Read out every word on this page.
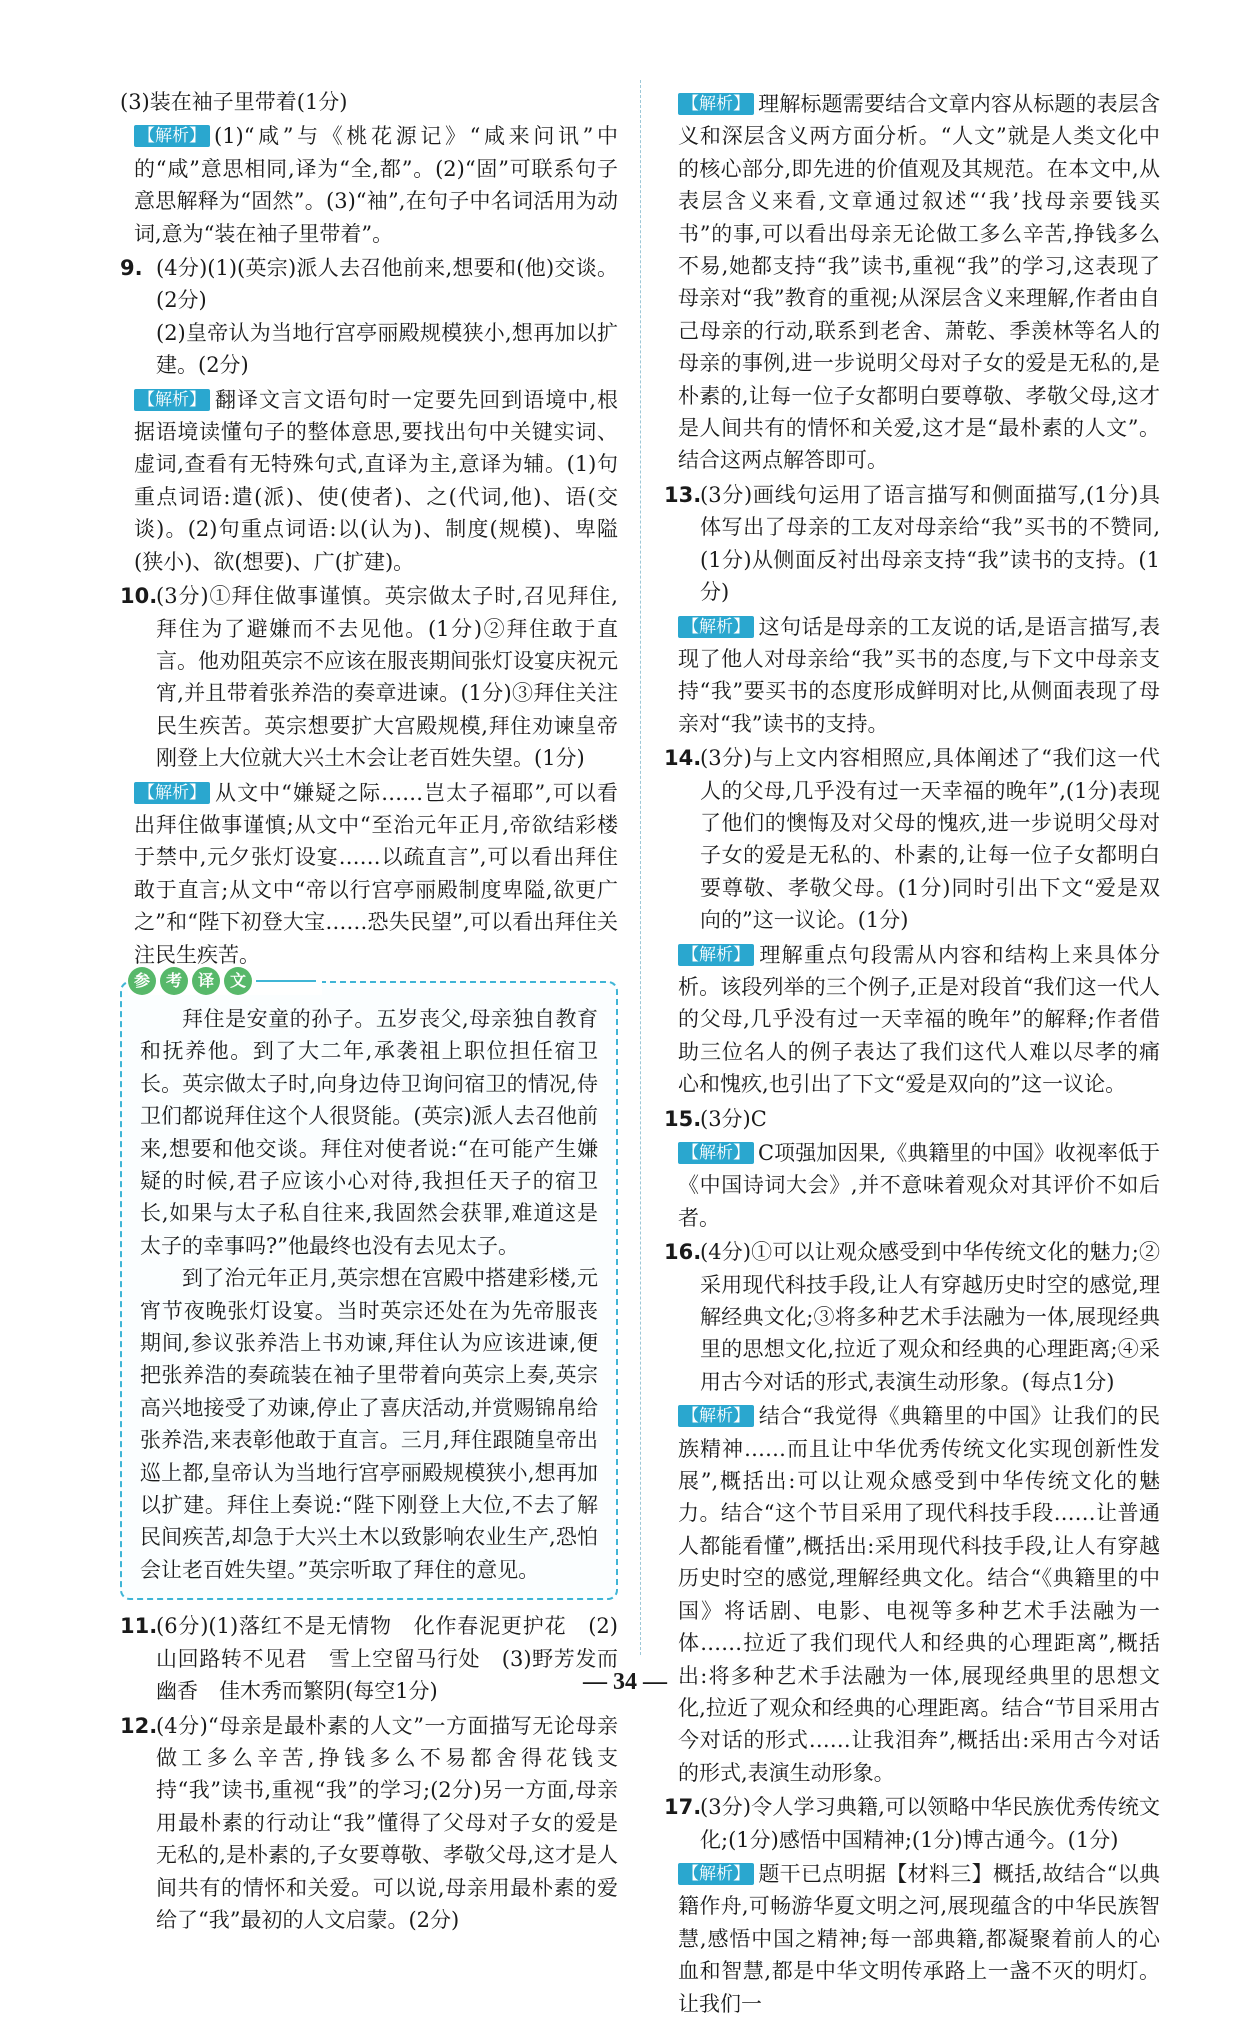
(3)装在袖子里带着(1分)

【 解析 】 (1)“咸”与《桃花源记》“咸来问讯”中的“咸”意思相同,译为“全,都”。(2)“固”可联系句子意思解释为“固然”。(3)“袖”,在句子中名词活用为动词,意为“装在袖子里带着”。

9. (4分)(1)(英宗)派人去召他前来,想要和(他)交谈。(2分)

(2)皇帝认为当地行宫亭丽殿规模狭小,想再加以扩建。(2分)

【 解析 】 翻译文言文语句时一定要先回到语境中,根据语境读懂句子的整体意思,要找出句中关键实词、虚词,查看有无特殊句式,直译为主,意译为辅。(1)句重点词语:遣(派)、使(使者)、之(代词,他)、语(交谈)。(2)句重点词语:以(认为)、制度(规模)、卑隘(狭小)、欲(想要)、广(扩建)。

10.

(3分)①拜住做事谨慎。英宗做太子时,召见拜住,拜住为了避嫌而不去见他。(1分)②拜住敢于直言。他劝阻英宗不应该在服丧期间张灯设宴庆祝元宵,并且带着张养浩的奏章进谏。(1分)③拜住关注民生疾苦。英宗想要扩大宫殿规模,拜住劝谏皇帝刚登上大位就大兴土木会让老百姓失望。(1分)

【 解析 】 从文中“嫌疑之际……岂太子福耶”,可以看出拜住做事谨慎;从文中“至治元年正月,帝欲结彩楼于禁中,元夕张灯设宴……以疏直言”,可以看出拜住敢于直言;从文中“帝以行宫亭丽殿制度卑隘,欲更广之”和“陛下初登大宝……恐失民望”,可以看出拜住关注民生疾苦。

参 考 译 文

拜住是安童的孙子。五岁丧父,母亲独自教育和抚养他。到了大二年,承袭祖上职位担任宿卫长。英宗做太子时,向身边侍卫询问宿卫的情况,侍卫们都说拜住这个人很贤能。(英宗)派人去召他前来,想要和他交谈。拜住对使者说:“在可能产生嫌疑的时候,君子应该小心对待,我担任天子的宿卫长,如果与太子私自往来,我固然会获罪,难道这是太子的幸事吗?”他最终也没有去见太子。

到了治元年正月,英宗想在宫殿中搭建彩楼,元宵节夜晚张灯设宴。当时英宗还处在为先帝服丧期间,参议张养浩上书劝谏,拜住认为应该进谏,便把张养浩的奏疏装在袖子里带着向英宗上奏,英宗高兴地接受了劝谏,停止了喜庆活动,并赏赐锦帛给张养浩,来表彰他敢于直言。三月,拜住跟随皇帝出巡上都,皇帝认为当地行宫亭丽殿规模狭小,想再加以扩建。拜住上奏说:“陛下刚登上大位,不去了解民间疾苦,却急于大兴土木以致影响农业生产,恐怕会让老百姓失望。”英宗听取了拜住的意见。

11.

(6分)(1)落红不是无情物　化作春泥更护花　(2)山回路转不见君　雪上空留马行处　(3)野芳发而幽香　佳木秀而繁阴(每空1分)

12.

(4分)“母亲是最朴素的人文”一方面描写无论母亲做工多么辛苦,挣钱多么不易都舍得花钱支持“我”读书,重视“我”的学习;(2分)另一方面,母亲用最朴素的行动让“我”懂得了父母对子女的爱是无私的,是朴素的,子女要尊敬、孝敬父母,这才是人间共有的情怀和关爱。可以说,母亲用最朴素的爱给了“我”最初的人文启蒙。(2分)

【 解析 】 理解标题需要结合文章内容从标题的表层含义和深层含义两方面分析。“人文”就是人类文化中的核心部分,即先进的价值观及其规范。在本文中,从表层含义来看,文章通过叙述“‘我’找母亲要钱买书”的事,可以看出母亲无论做工多么辛苦,挣钱多么不易,她都支持“我”读书,重视“我”的学习,这表现了母亲对“我”教育的重视;从深层含义来理解,作者由自己母亲的行动,联系到老舍、萧乾、季羡林等名人的母亲的事例,进一步说明父母对子女的爱是无私的,是朴素的,让每一位子女都明白要尊敬、孝敬父母,这才是人间共有的情怀和关爱,这才是“最朴素的人文”。结合这两点解答即可。

13.

(3分)画线句运用了语言描写和侧面描写,(1分)具体写出了母亲的工友对母亲给“我”买书的不赞同,(1分)从侧面反衬出母亲支持“我”读书的支持。(1分)

【 解析 】 这句话是母亲的工友说的话,是语言描写,表现了他人对母亲给“我”买书的态度,与下文中母亲支持“我”要买书的态度形成鲜明对比,从侧面表现了母亲对“我”读书的支持。

14.

(3分)与上文内容相照应,具体阐述了“我们这一代人的父母,几乎没有过一天幸福的晚年”,(1分)表现了他们的懊悔及对父母的愧疚,进一步说明父母对子女的爱是无私的、朴素的,让每一位子女都明白要尊敬、孝敬父母。(1分)同时引出下文“爱是双向的”这一议论。(1分)

【 解析 】 理解重点句段需从内容和结构上来具体分析。该段列举的三个例子,正是对段首“我们这一代人的父母,几乎没有过一天幸福的晚年”的解释;作者借助三位名人的例子表达了我们这代人难以尽孝的痛心和愧疚,也引出了下文“爱是双向的”这一议论。

15.

(3分)C

【 解析 】 C项强加因果,《典籍里的中国》收视率低于《中国诗词大会》,并不意味着观众对其评价不如后者。

16.

(4分)①可以让观众感受到中华传统文化的魅力;②采用现代科技手段,让人有穿越历史时空的感觉,理解经典文化;③将多种艺术手法融为一体,展现经典里的思想文化,拉近了观众和经典的心理距离;④采用古今对话的形式,表演生动形象。(每点1分)

【 解析 】 结合“我觉得《典籍里的中国》让我们的民族精神……而且让中华优秀传统文化实现创新性发展”,概括出:可以让观众感受到中华传统文化的魅力。结合“这个节目采用了现代科技手段……让普通人都能看懂”,概括出:采用现代科技手段,让人有穿越历史时空的感觉,理解经典文化。结合“《典籍里的中国》将话剧、电影、电视等多种艺术手法融为一体……拉近了我们现代人和经典的心理距离”,概括出:将多种艺术手法融为一体,展现经典里的思想文化,拉近了观众和经典的心理距离。结合“节目采用古今对话的形式……让我泪奔”,概括出:采用古今对话的形式,表演生动形象。

17.

(3分)令人学习典籍,可以领略中华民族优秀传统文化;(1分)感悟中国精神;(1分)博古通今。(1分)

【 解析 】 题干已点明据【材料三】概括,故结合“以典籍作舟,可畅游华夏文明之河,展现蕴含的中华民族智慧,感悟中国之精神;每一部典籍,都凝聚着前人的心血和智慧,都是中华文明传承路上一盏不灭的明灯。让我们一

— 34 —
